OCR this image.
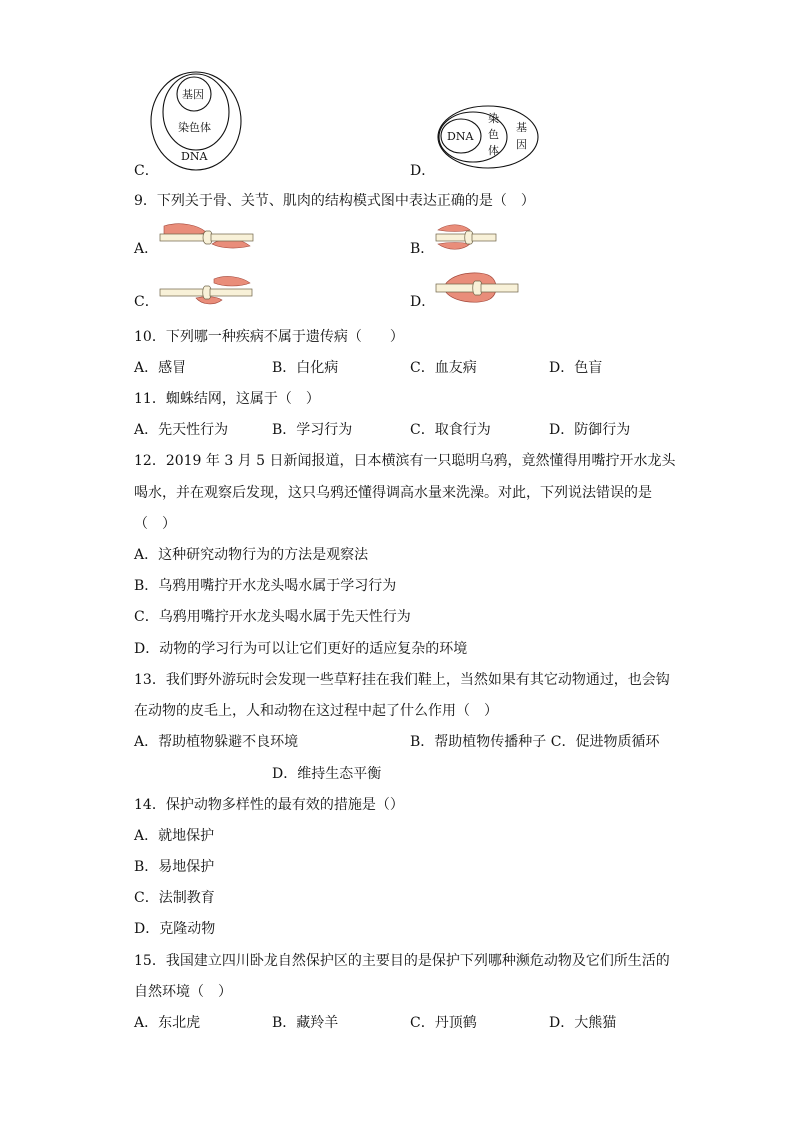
基因
染色体
DNA
C．
DNA
染
色
体
基
因
D．
9．下列关于骨、关节、肌肉的结构模式图中表达正确的是（　）
A．	B．
C．	D．
10．下列哪一种疾病不属于遗传病（　　）
A．感冒	B．白化病	C．血友病	D．色盲
11．蜘蛛结网，这属于（　）
A．先天性行为	B．学习行为	C．取食行为	D．防御行为
12．2019 年 3 月 5 日新闻报道，日本横滨有一只聪明乌鸦，竟然懂得用嘴拧开水龙头
喝水，并在观察后发现，这只乌鸦还懂得调高水量来洗澡。对此，下列说法错误的是
（　）
A．这种研究动物行为的方法是观察法
B．乌鸦用嘴拧开水龙头喝水属于学习行为
C．乌鸦用嘴拧开水龙头喝水属于先天性行为
D．动物的学习行为可以让它们更好的适应复杂的环境
13．我们野外游玩时会发现一些草籽挂在我们鞋上，当然如果有其它动物通过，也会钩
在动物的皮毛上，人和动物在这过程中起了什么作用（　）
A．帮助植物躲避不良环境	B．帮助植物传播种子 C．促进物质循环
D．维持生态平衡
14．保护动物多样性的最有效的措施是（）
A．就地保护
B．易地保护
C．法制教育
D．克隆动物
15．我国建立四川卧龙自然保护区的主要目的是保护下列哪种濒危动物及它们所生活的
自然环境（　）
A．东北虎	B．藏羚羊	C．丹顶鹤	D．大熊猫
